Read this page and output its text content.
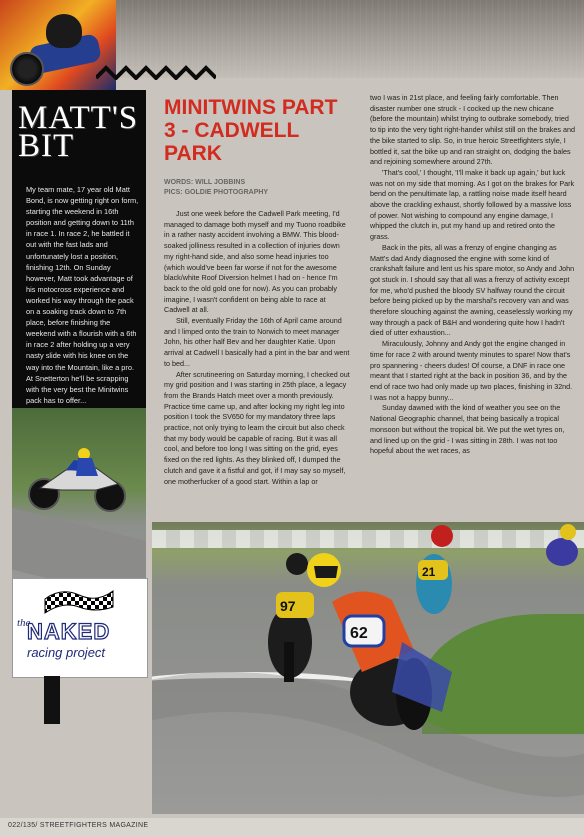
MATT'S BIT
My team mate, 17 year old Matt Bond, is now getting right on form, starting the weekend in 16th position and getting down to 11th in race 1. In race 2, he battled it out with the fast lads and unfortunately lost a position, finishing 12th. On Sunday however, Matt took advantage of his motocross experience and worked his way through the pack on a soaking track down to 7th place, before finishing the weekend with a flourish with a 6th in race 2 after holding up a very nasty slide with his knee on the way into the Mountain, like a pro. At Snetterton he'll be scrapping with the very best the Minitwins pack has to offer...
the
NAKED
racing project
MINITWINS PART 3 - CADWELL PARK
WORDS: WILL JOBBINS
PICS: GOLDIE PHOTOGRAPHY

Just one week before the Cadwell Park meeting, I'd managed to damage both myself and my Tuono roadbike in a rather nasty accident involving a BMW. This blood-soaked jolliness resulted in a collection of injuries down my right-hand side, and also some head injuries too (which would've been far worse if not for the awesome black/white Roof Diversion helmet I had on - hence I'm back to the old gold one for now). As you can probably imagine, I wasn't confident on being able to race at Cadwell at all.

Still, eventually Friday the 16th of April came around and I limped onto the train to Norwich to meet manager John, his other half Bev and her daughter Katie. Upon arrival at Cadwell I basically had a pint in the bar and went to bed...

After scrutineering on Saturday morning, I checked out my grid position and I was starting in 25th place, a legacy from the Brands Hatch meet over a month previously. Practice time came up, and after locking my right leg into position I took the SV650 for my mandatory three laps practice, not only trying to learn the circuit but also check that my body would be capable of racing. But it was all cool, and before too long I was sitting on the grid, eyes fixed on the red lights. As they blinked off, I dumped the clutch and gave it a fistful and got, if I may say so myself, one motherfucker of a good start. Within a lap or

two I was in 21st place, and feeling fairly comfortable. Then disaster number one struck - I cocked up the new chicane (before the mountain) whilst trying to outbrake somebody, tried to tip into the very tight right-hander whilst still on the brakes and the bike started to slip. So, in true heroic Streetfighters style, I bottled it, sat the bike up and ran straight on, dodging the bales and rejoining somewhere around 27th.

'That's cool,' I thought, 'I'll make it back up again,' but luck was not on my side that morning. As I got on the brakes for Park bend on the penultimate lap, a rattling noise made itself heard above the crackling exhaust, shortly followed by a massive loss of power. Not wishing to compound any engine damage, I whipped the clutch in, put my hand up and retired onto the grass.

Back in the pits, all was a frenzy of engine changing as Matt's dad Andy diagnosed the engine with some kind of crankshaft failure and lent us his spare motor, so Andy and John got stuck in. I should say that all was a frenzy of activity except for me, who'd pushed the bloody SV halfway round the circuit before being picked up by the marshal's recovery van and was therefore slouching against the awning, ceaselessly working my way through a pack of B&H and wondering quite how I hadn't died of utter exhaustion...

Miraculously, Johnny and Andy got the engine changed in time for race 2 with around twenty minutes to spare! Now that's pro spannering - cheers dudes! Of course, a DNF in race one meant that I started right at the back in position 36, and by the end of race two had only made up two places, finishing in 32nd. I was not a happy bunny...

Sunday dawned with the kind of weather you see on the National Geographic channel, that being basically a tropical monsoon but without the tropical bit. We put the wet tyres on, and lined up on the grid - I was sitting in 28th. I was not too hopeful about the wet races, as

97
21
62
022/135/ STREETFIGHTERS MAGAZINE
